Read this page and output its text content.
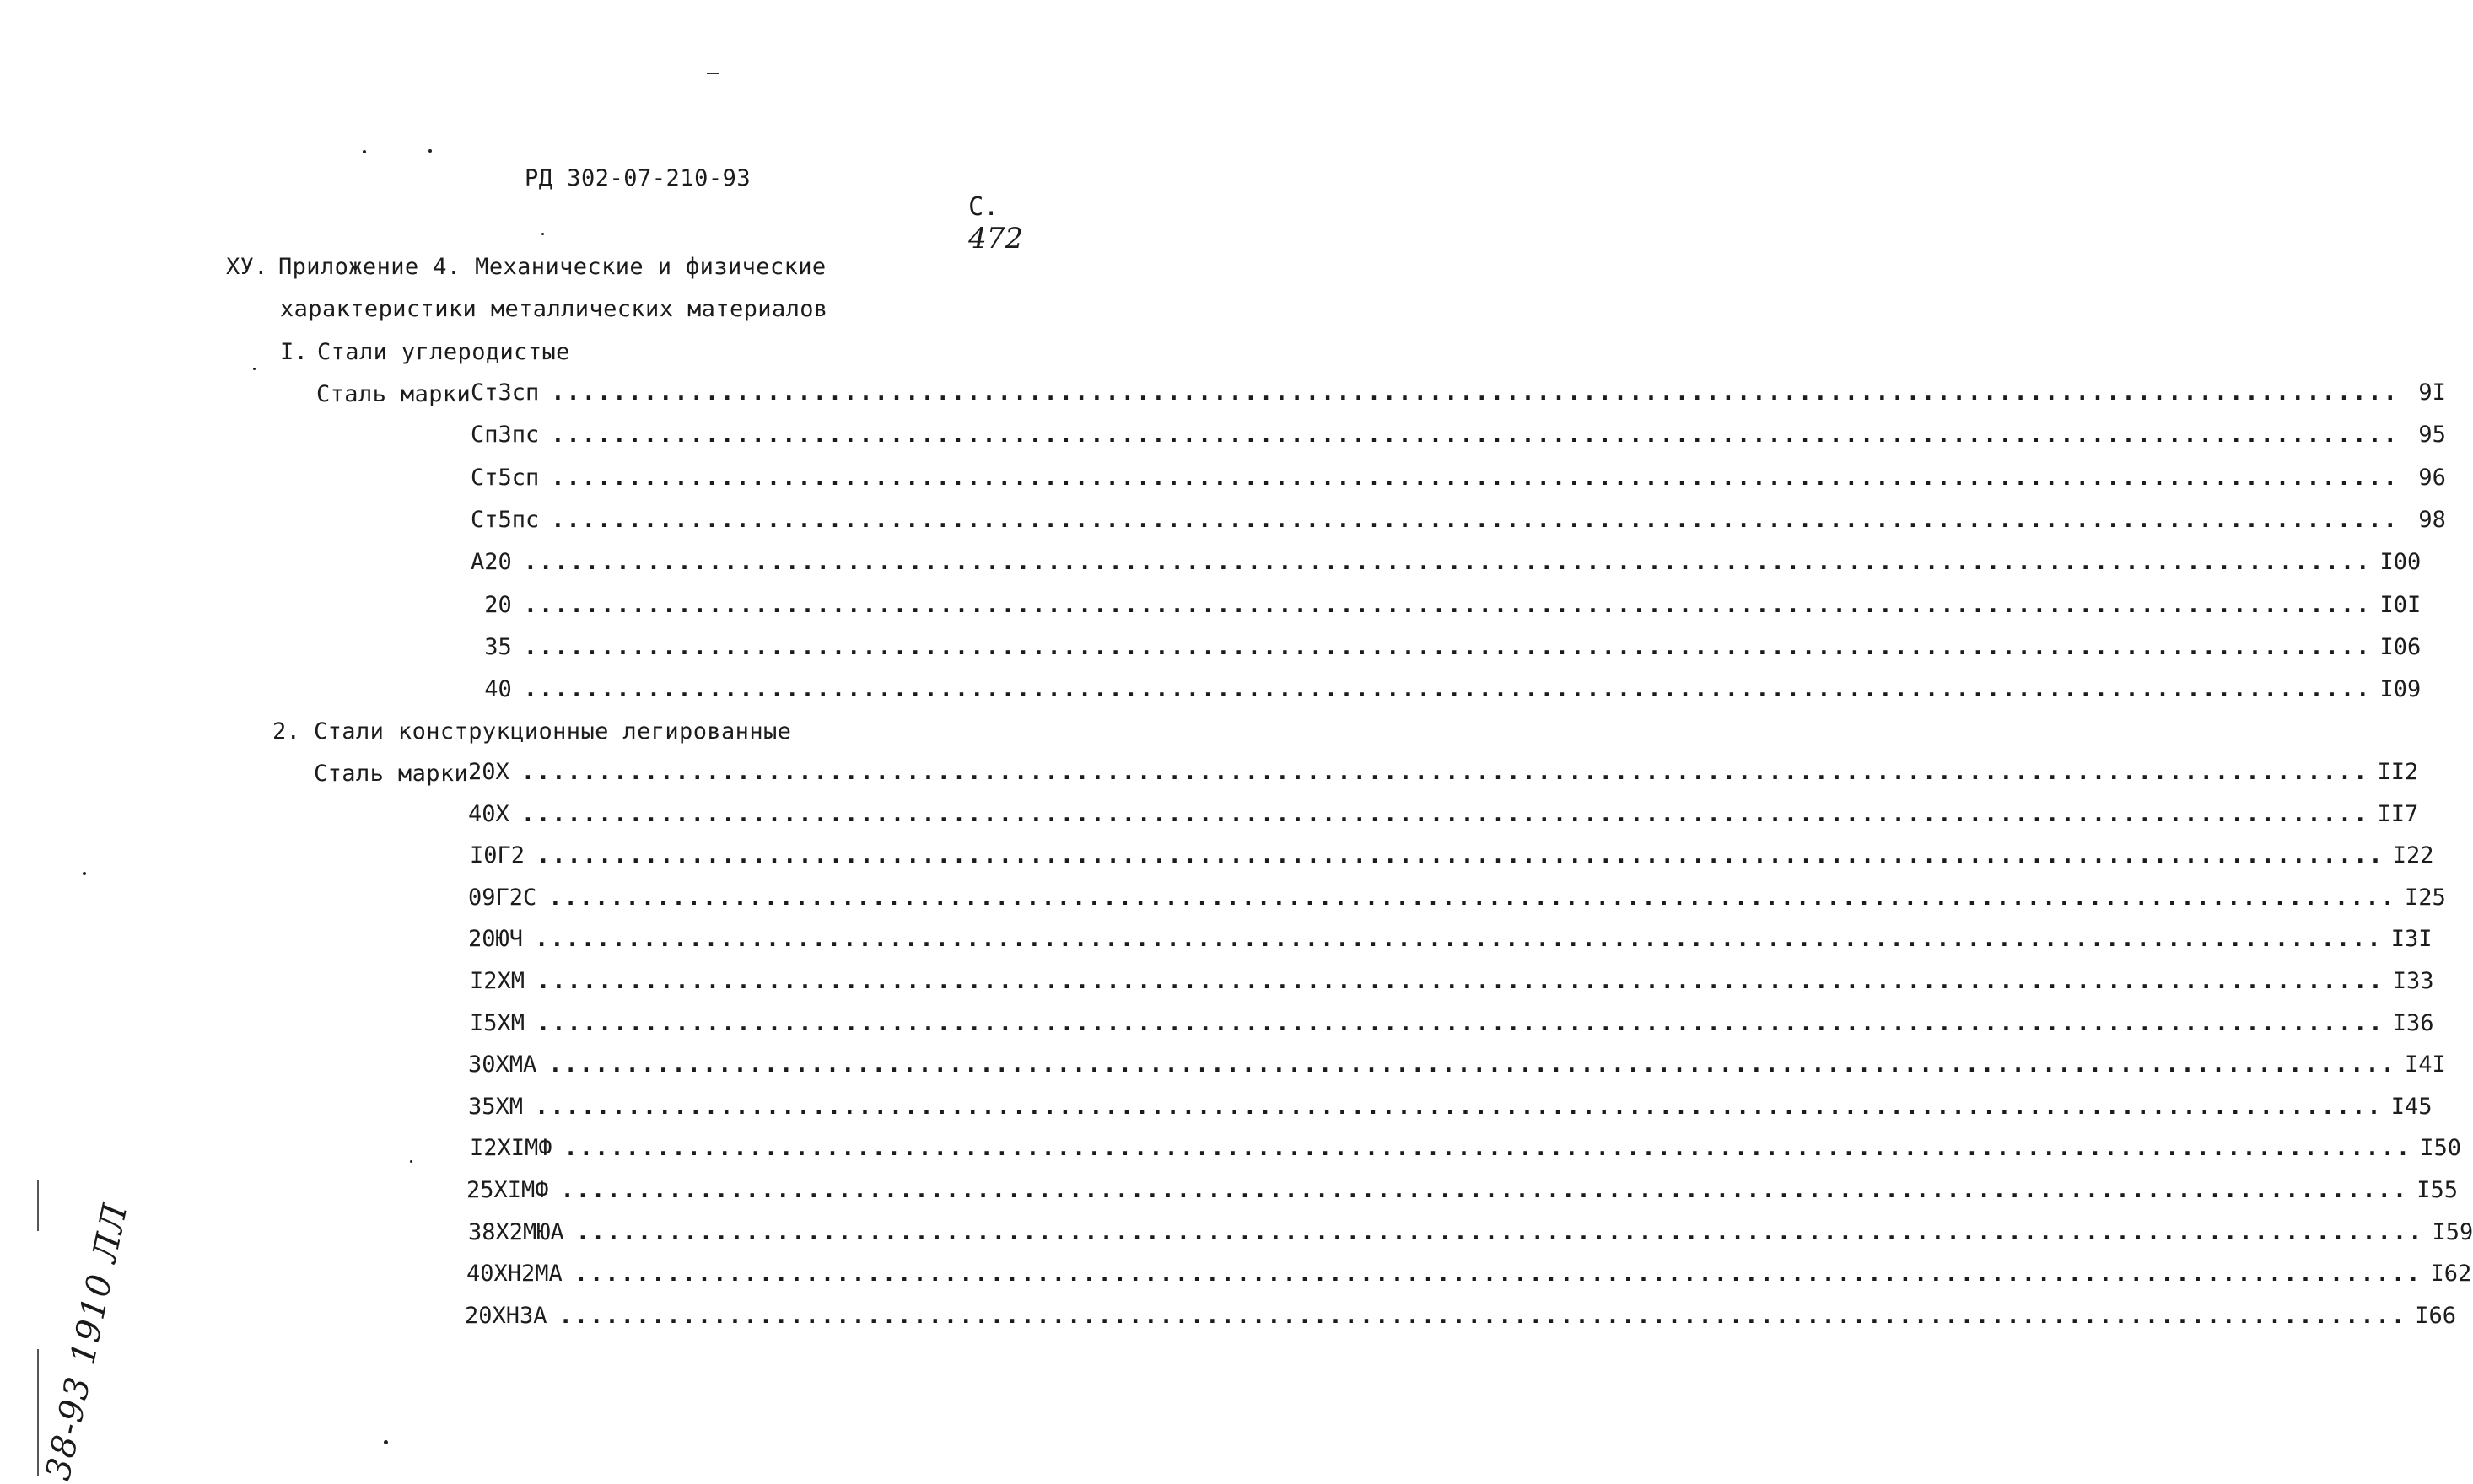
РД 302-07-210-93

С.
472

ХУ. Приложение 4. Механические и физические
характеристики металлических материалов
I. Стали углеродистые
Сталь марки Ст3сп ........................................................................................................................ 9I
Сп3пс ........................................................................................................................ 95
Ст5сп ........................................................................................................................ 96
Ст5пс ........................................................................................................................ 98
А20 ........................................................................................................................ I00
20 ........................................................................................................................ I0I
35 ........................................................................................................................ I06
40 ........................................................................................................................ I09
2. Стали конструкционные легированные
Сталь марки 20Х ........................................................................................................................ II2
40Х ........................................................................................................................ II7
I0Г2 ........................................................................................................................ I22
09Г2С ........................................................................................................................ I25
20ЮЧ ........................................................................................................................ I3I
I2ХМ ........................................................................................................................ I33
I5ХМ ........................................................................................................................ I36
30ХМА ........................................................................................................................ I4I
35ХМ ........................................................................................................................ I45
I2ХIМФ ........................................................................................................................ I50
25ХIМФ ........................................................................................................................ I55
38Х2МЮА ........................................................................................................................ I59
40ХН2МА ........................................................................................................................ I62
20ХН3А ........................................................................................................................ I66
38-93 1910 ЛЛ
